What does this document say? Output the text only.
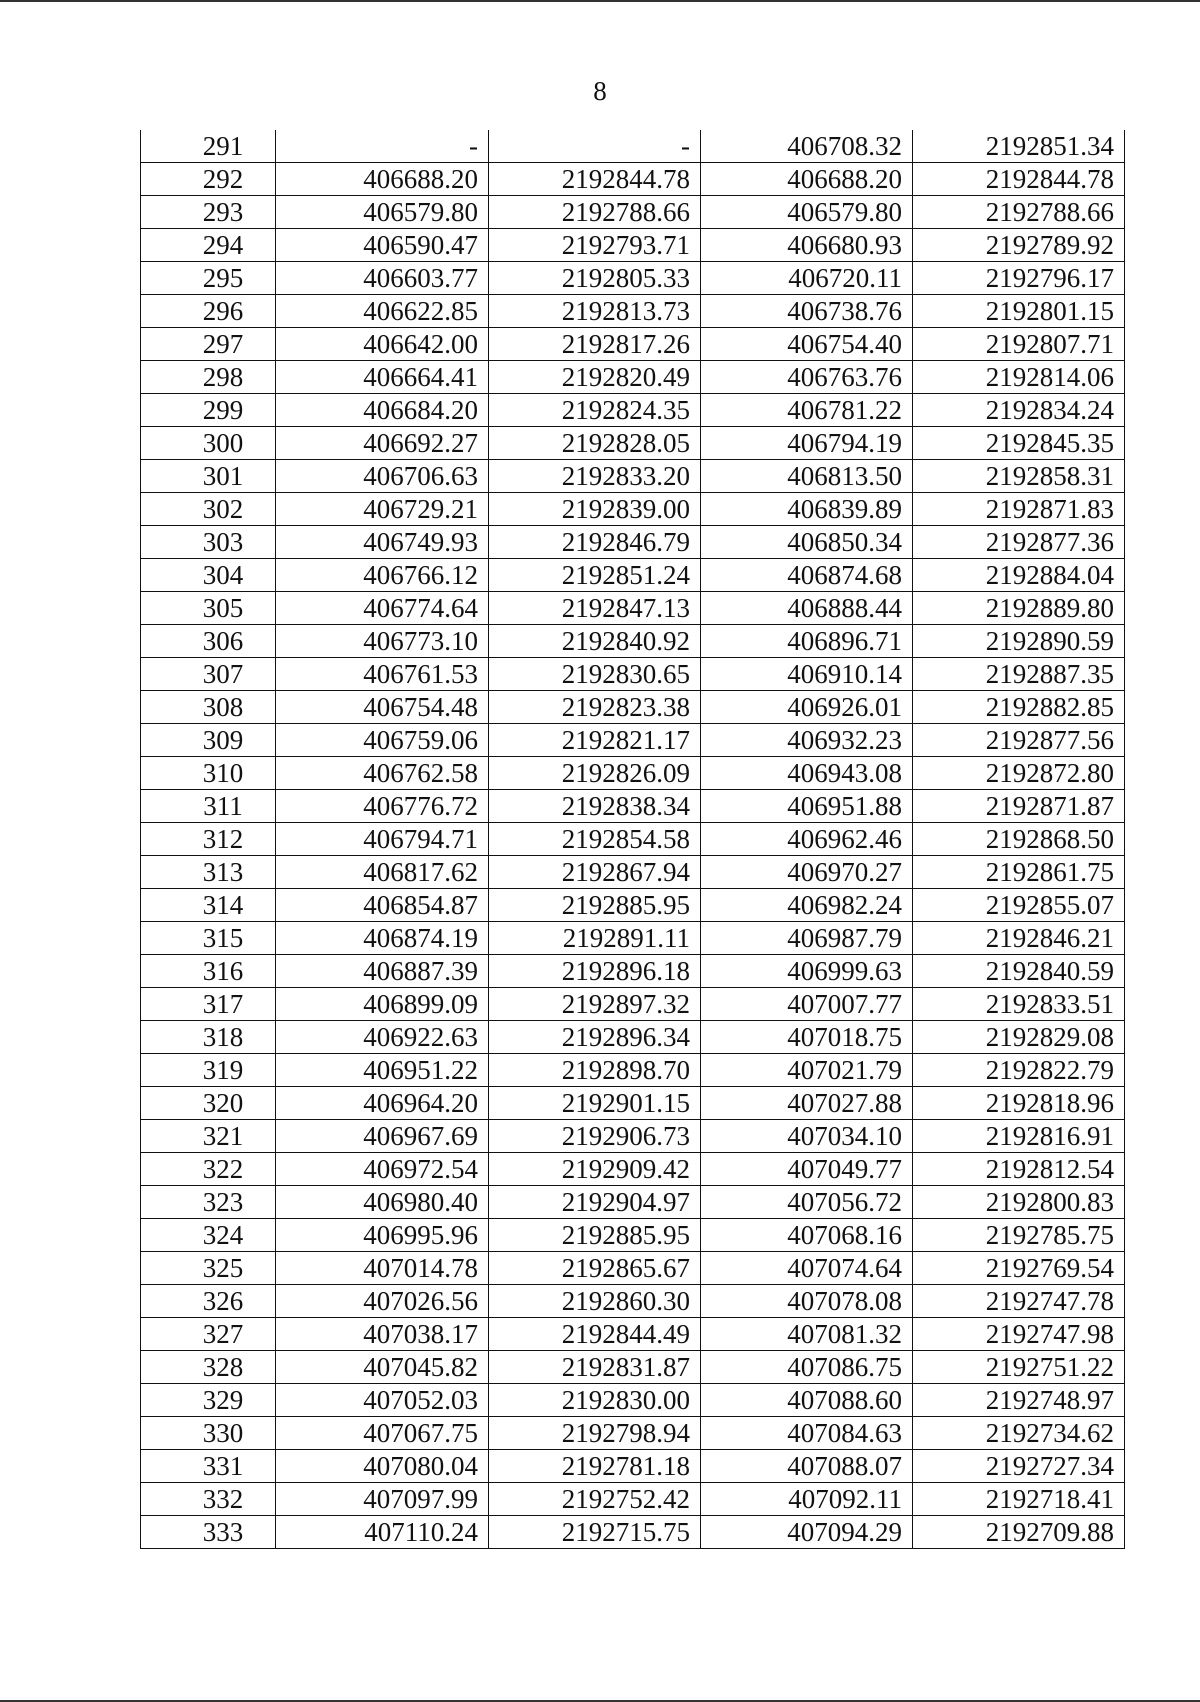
8
291	-	-	406708.32	2192851.34
292	406688.20	2192844.78	406688.20	2192844.78
293	406579.80	2192788.66	406579.80	2192788.66
294	406590.47	2192793.71	406680.93	2192789.92
295	406603.77	2192805.33	406720.11	2192796.17
296	406622.85	2192813.73	406738.76	2192801.15
297	406642.00	2192817.26	406754.40	2192807.71
298	406664.41	2192820.49	406763.76	2192814.06
299	406684.20	2192824.35	406781.22	2192834.24
300	406692.27	2192828.05	406794.19	2192845.35
301	406706.63	2192833.20	406813.50	2192858.31
302	406729.21	2192839.00	406839.89	2192871.83
303	406749.93	2192846.79	406850.34	2192877.36
304	406766.12	2192851.24	406874.68	2192884.04
305	406774.64	2192847.13	406888.44	2192889.80
306	406773.10	2192840.92	406896.71	2192890.59
307	406761.53	2192830.65	406910.14	2192887.35
308	406754.48	2192823.38	406926.01	2192882.85
309	406759.06	2192821.17	406932.23	2192877.56
310	406762.58	2192826.09	406943.08	2192872.80
311	406776.72	2192838.34	406951.88	2192871.87
312	406794.71	2192854.58	406962.46	2192868.50
313	406817.62	2192867.94	406970.27	2192861.75
314	406854.87	2192885.95	406982.24	2192855.07
315	406874.19	2192891.11	406987.79	2192846.21
316	406887.39	2192896.18	406999.63	2192840.59
317	406899.09	2192897.32	407007.77	2192833.51
318	406922.63	2192896.34	407018.75	2192829.08
319	406951.22	2192898.70	407021.79	2192822.79
320	406964.20	2192901.15	407027.88	2192818.96
321	406967.69	2192906.73	407034.10	2192816.91
322	406972.54	2192909.42	407049.77	2192812.54
323	406980.40	2192904.97	407056.72	2192800.83
324	406995.96	2192885.95	407068.16	2192785.75
325	407014.78	2192865.67	407074.64	2192769.54
326	407026.56	2192860.30	407078.08	2192747.78
327	407038.17	2192844.49	407081.32	2192747.98
328	407045.82	2192831.87	407086.75	2192751.22
329	407052.03	2192830.00	407088.60	2192748.97
330	407067.75	2192798.94	407084.63	2192734.62
331	407080.04	2192781.18	407088.07	2192727.34
332	407097.99	2192752.42	407092.11	2192718.41
333	407110.24	2192715.75	407094.29	2192709.88
